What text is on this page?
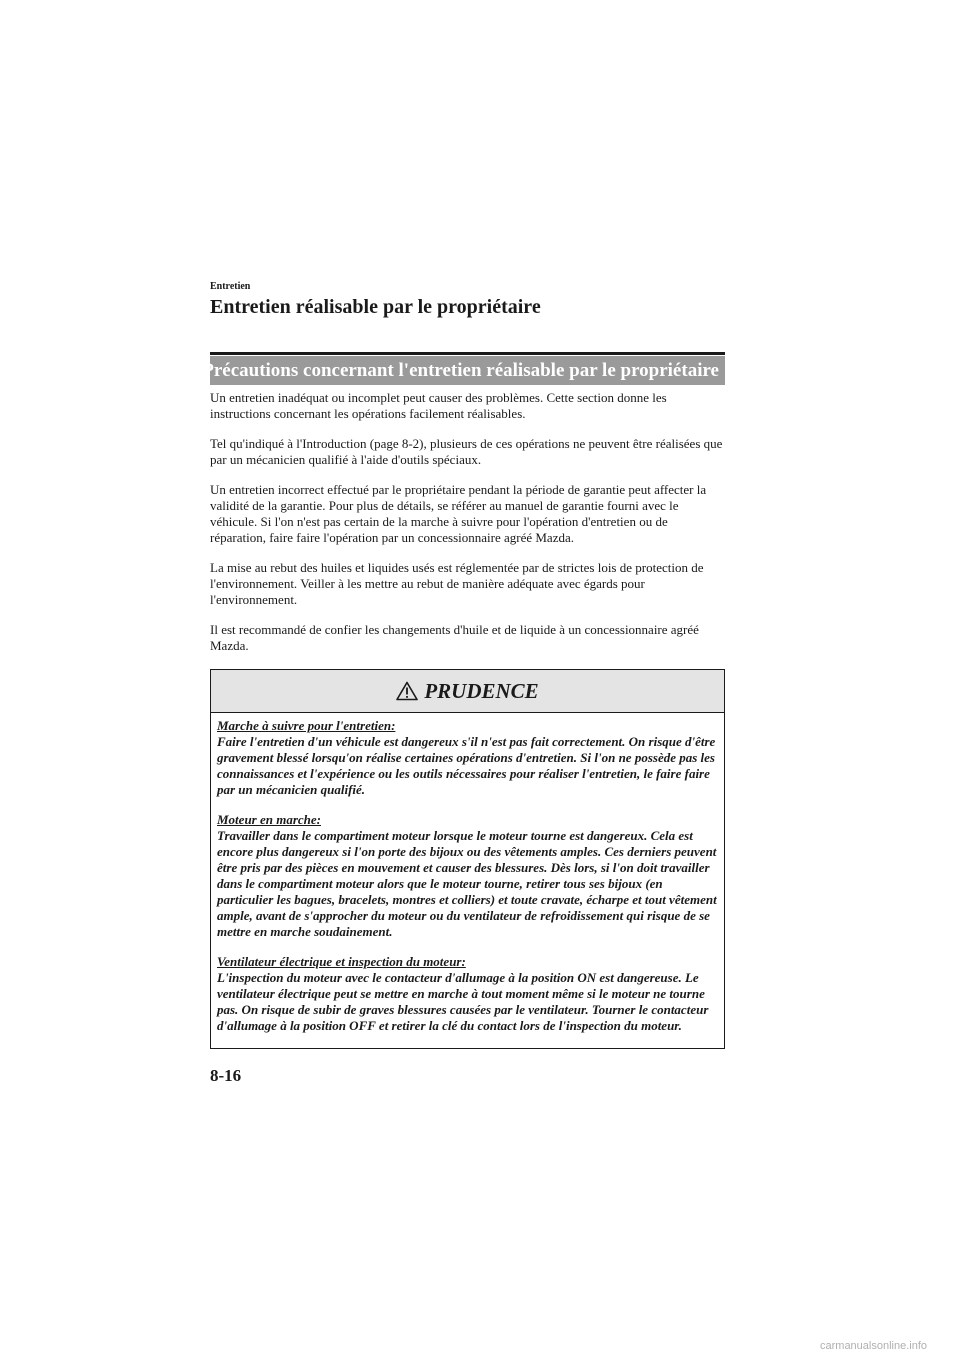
Entretien
Entretien réalisable par le propriétaire
Précautions concernant l'entretien réalisable par le propriétaire

Un entretien inadéquat ou incomplet peut causer des problèmes. Cette section donne les instructions concernant les opérations facilement réalisables.

Tel qu'indiqué à l'Introduction (page 8-2), plusieurs de ces opérations ne peuvent être réalisées que par un mécanicien qualifié à l'aide d'outils spéciaux.

Un entretien incorrect effectué par le propriétaire pendant la période de garantie peut affecter la validité de la garantie. Pour plus de détails, se référer au manuel de garantie fourni avec le véhicule. Si l'on n'est pas certain de la marche à suivre pour l'opération d'entretien ou de réparation, faire faire l'opération par un concessionnaire agréé Mazda.

La mise au rebut des huiles et liquides usés est réglementée par de strictes lois de protection de l'environnement. Veiller à les mettre au rebut de manière adéquate avec égards pour l'environnement.

Il est recommandé de confier les changements d'huile et de liquide à un concessionnaire agréé Mazda.

PRUDENCE
Marche à suivre pour l'entretien:
Faire l'entretien d'un véhicule est dangereux s'il n'est pas fait correctement. On risque d'être gravement blessé lorsqu'on réalise certaines opérations d'entretien. Si l'on ne possède pas les connaissances et l'expérience ou les outils nécessaires pour réaliser l'entretien, le faire faire par un mécanicien qualifié.
Moteur en marche:
Travailler dans le compartiment moteur lorsque le moteur tourne est dangereux. Cela est encore plus dangereux si l'on porte des bijoux ou des vêtements amples. Ces derniers peuvent être pris par des pièces en mouvement et causer des blessures. Dès lors, si l'on doit travailler dans le compartiment moteur alors que le moteur tourne, retirer tous ses bijoux (en particulier les bagues, bracelets, montres et colliers) et toute cravate, écharpe et tout vêtement ample, avant de s'approcher du moteur ou du ventilateur de refroidissement qui risque de se mettre en marche soudainement.
Ventilateur électrique et inspection du moteur:
L'inspection du moteur avec le contacteur d'allumage à la position ON est dangereuse. Le ventilateur électrique peut se mettre en marche à tout moment même si le moteur ne tourne pas. On risque de subir de graves blessures causées par le ventilateur. Tourner le contacteur d'allumage à la position OFF et retirer la clé du contact lors de l'inspection du moteur.
8-16
carmanualsonline.info
